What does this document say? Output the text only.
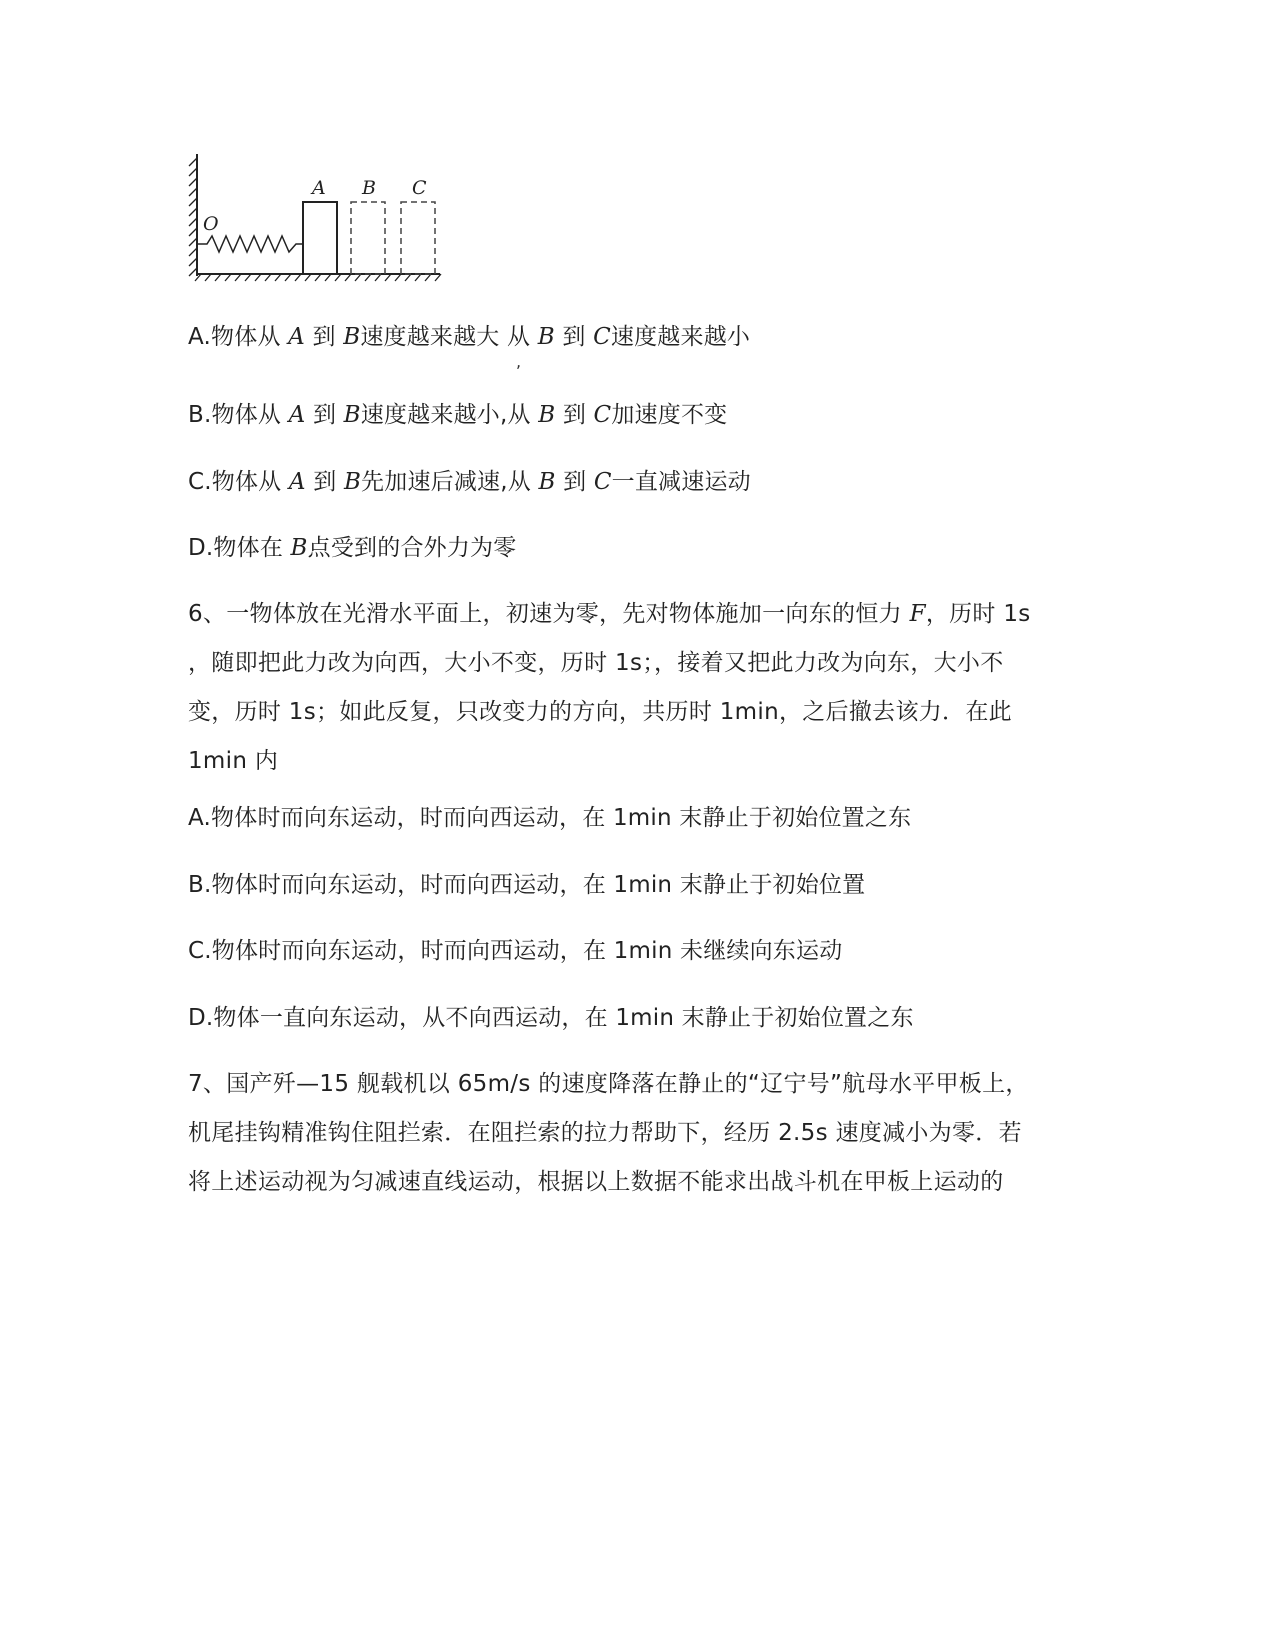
O
A B C
A.物体从 A 到 B速度越来越大 从 B 到 C速度越来越小
,
B.物体从 A 到 B速度越来越小,从 B 到 C加速度不变
C.物体从 A 到 B先加速后减速,从 B 到 C一直减速运动
D.物体在 B点受到的合外力为零
6、一物体放在光滑水平面上，初速为零，先对物体施加一向东的恒力 F，历时 1s
，随即把此力改为向西，大小不变，历时 1s；，接着又把此力改为向东，大小不
变，历时 1s；如此反复，只改变力的方向，共历时 1min，之后撤去该力．在此
1min 内
A.物体时而向东运动，时而向西运动，在 1min 末静止于初始位置之东
B.物体时而向东运动，时而向西运动，在 1min 末静止于初始位置
C.物体时而向东运动，时而向西运动，在 1min 未继续向东运动
D.物体一直向东运动，从不向西运动，在 1min 末静止于初始位置之东
7、国产歼—15 舰载机以 65m/s 的速度降落在静止的“辽宁号”航母水平甲板上，
机尾挂钩精准钩住阻拦索．在阻拦索的拉力帮助下，经历 2.5s 速度减小为零．若
将上述运动视为匀减速直线运动，根据以上数据不能求出战斗机在甲板上运动的
